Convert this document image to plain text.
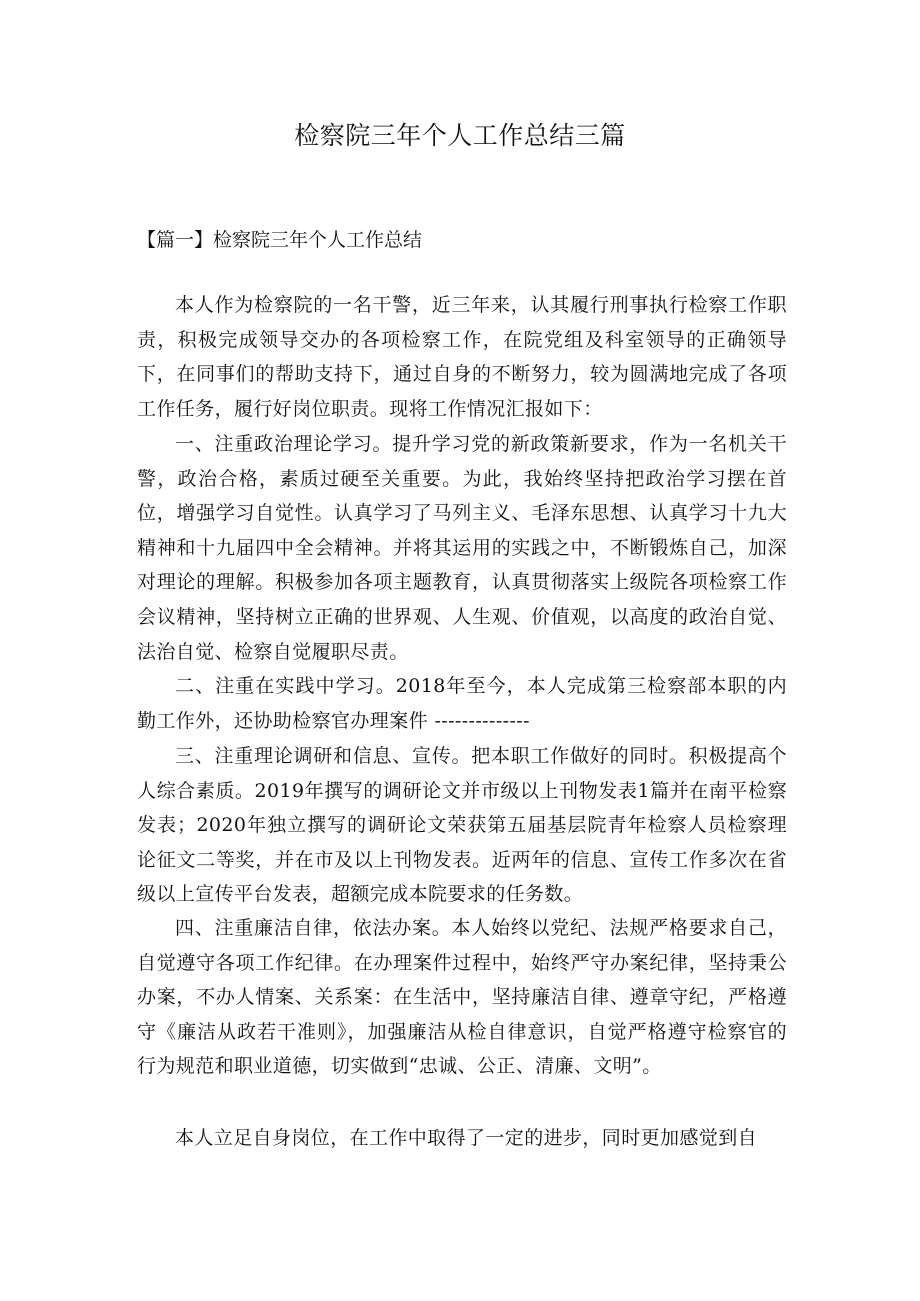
检察院三年个人工作总结三篇
【篇一】检察院三年个人工作总结

本人作为检察院的一名干警，近三年来，认其履行刑事执行检察工作职责，积极完成领导交办的各项检察工作，在院党组及科室领导的正确领导下，在同事们的帮助支持下，通过自身的不断努力，较为圆满地完成了各项工作任务，履行好岗位职责。现将工作情况汇报如下：

一、注重政治理论学习。提升学习党的新政策新要求，作为一名机关干警，政治合格，素质过硬至关重要。为此，我始终坚持把政治学习摆在首位，增强学习自觉性。认真学习了马列主义、毛泽东思想、认真学习十九大精神和十九届四中全会精神。并将其运用的实践之中，不断锻炼自己，加深对理论的理解。积极参加各项主题教育，认真贯彻落实上级院各项检察工作会议精神，坚持树立正确的世界观、人生观、价值观，以高度的政治自觉、法治自觉、检察自觉履职尽责。

二、注重在实践中学习。2018年至今，本人完成第三检察部本职的内勤工作外，还协助检察官办理案件 --------------

三、注重理论调研和信息、宣传。把本职工作做好的同时。积极提高个人综合素质。2019年撰写的调研论文并市级以上刊物发表1篇并在南平检察发表；2020年独立撰写的调研论文荣获第五届基层院青年检察人员检察理论征文二等奖，并在市及以上刊物发表。近两年的信息、宣传工作多次在省级以上宣传平台发表，超额完成本院要求的任务数。

四、注重廉洁自律，依法办案。本人始终以党纪、法规严格要求自己，自觉遵守各项工作纪律。在办理案件过程中，始终严守办案纪律，坚持秉公办案，不办人情案、关系案：在生活中，坚持廉洁自律、遵章守纪，严格遵守《廉洁从政若干准则》，加强廉洁从检自律意识，自觉严格遵守检察官的行为规范和职业道德，切实做到“忠诚、公正、清廉、文明”。

本人立足自身岗位，在工作中取得了一定的进步，同时更加感觉到自
